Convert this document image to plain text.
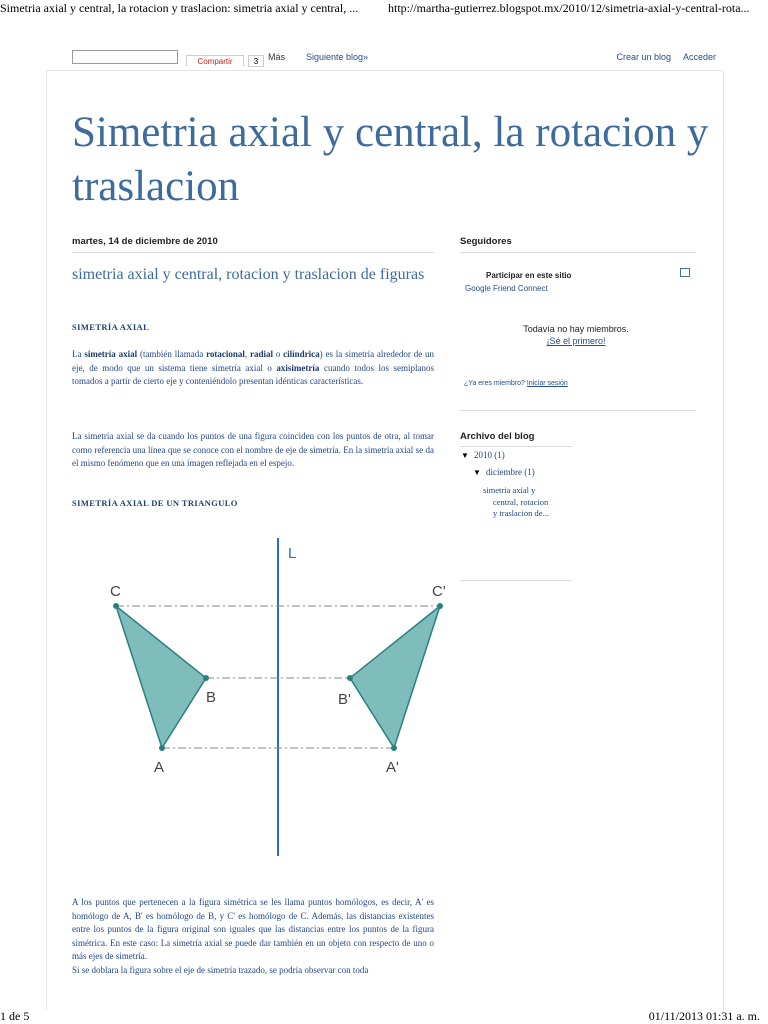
Simetria axial y central, la rotacion y traslacion: simetria axial y central, ... http://martha-gutierrez.blogspot.mx/2010/12/simetria-axial-y-central-rota...
1 de 5	01/11/2013 01:31 a. m.
Compartir	3	Más Siguiente blog»	Crear un blog Acceder
Simetria axial y central, la rotacion y traslacion
martes, 14 de diciembre de 2010
simetria axial y central, rotacion y traslacion de figuras
SIMETRÍA AXIAL
La simetría axial (también llamada rotacional, radial o cilíndrica) es la simetría alrededor de un eje, de modo que un sistema tiene simetría axial o axisimetría cuando todos los semiplanos tomados a partir de cierto eje y conteniéndolo presentan idénticas características.
La simetría axial se da cuando los puntos de una figura coinciden con los puntos de otra, al tomar como referencia una línea que se conoce con el nombre de eje de simetría. En la simetría axial se da el mismo fenómeno que en una imagen reflejada en el espejo.
SIMETRÍA AXIAL DE UN TRIANGULO
L
C
B
A
C'
B'
A'
A los puntos que pertenecen a la figura simétrica se les llama puntos homólogos, es decir, A' es homólogo de A, B' es homólogo de B, y C' es homólogo de C. Además, las distancias existentes entre los puntos de la figura original son iguales que las distancias entre los puntos de la figura simétrica. En este caso: La simetría axial se puede dar también en un objeto con respecto de uno o más ejes de simetría.
Si se doblara la figura sobre el eje de simetría trazado, se podría observar con toda
Seguidores
Participar en este sitio
Google Friend Connect
Todavía no hay miembros.
¡Sé el primero!
¿Ya eres miembro? Iniciar sesión
Archivo del blog
▼ 2010 (1)
▼ diciembre (1)
simetria axial y central, rotacion y traslacion de...
